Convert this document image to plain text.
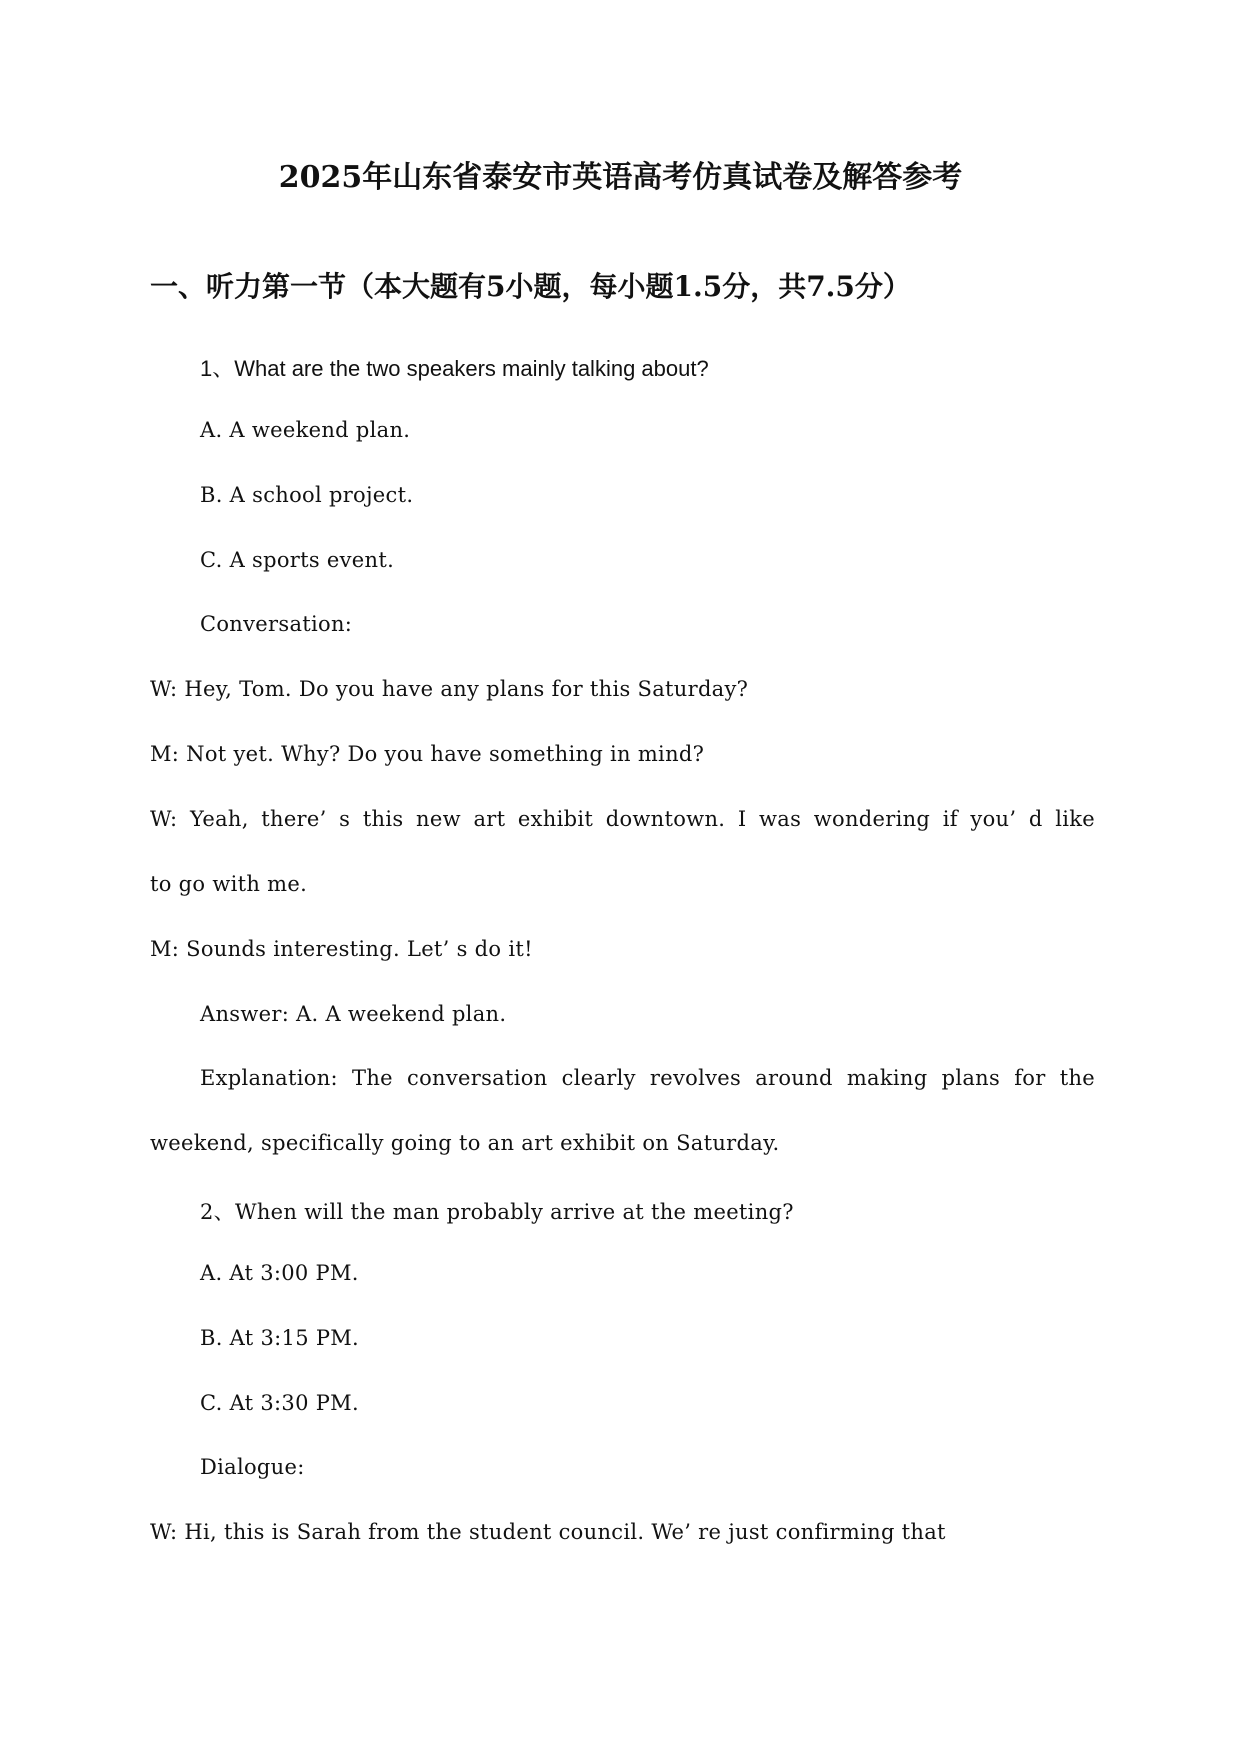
2025年山东省泰安市英语高考仿真试卷及解答参考
一、听力第一节（本大题有5小题，每小题1.5分，共7.5分）
1、What are the two speakers mainly talking about?
A. A weekend plan.
B. A school project.
C. A sports event.
Conversation:
W: Hey, Tom. Do you have any plans for this Saturday?
M: Not yet. Why? Do you have something in mind?
W: Yeah, there’ s this new art exhibit downtown. I was wondering if you’ d like
to go with me.
M: Sounds interesting. Let’ s do it!
Answer: A. A weekend plan.
Explanation: The conversation clearly revolves around making plans for the
weekend, specifically going to an art exhibit on Saturday.
2、When will the man probably arrive at the meeting?
A. At 3:00 PM.
B. At 3:15 PM.
C. At 3:30 PM.
Dialogue:
W: Hi, this is Sarah from the student council. We’ re just confirming that
